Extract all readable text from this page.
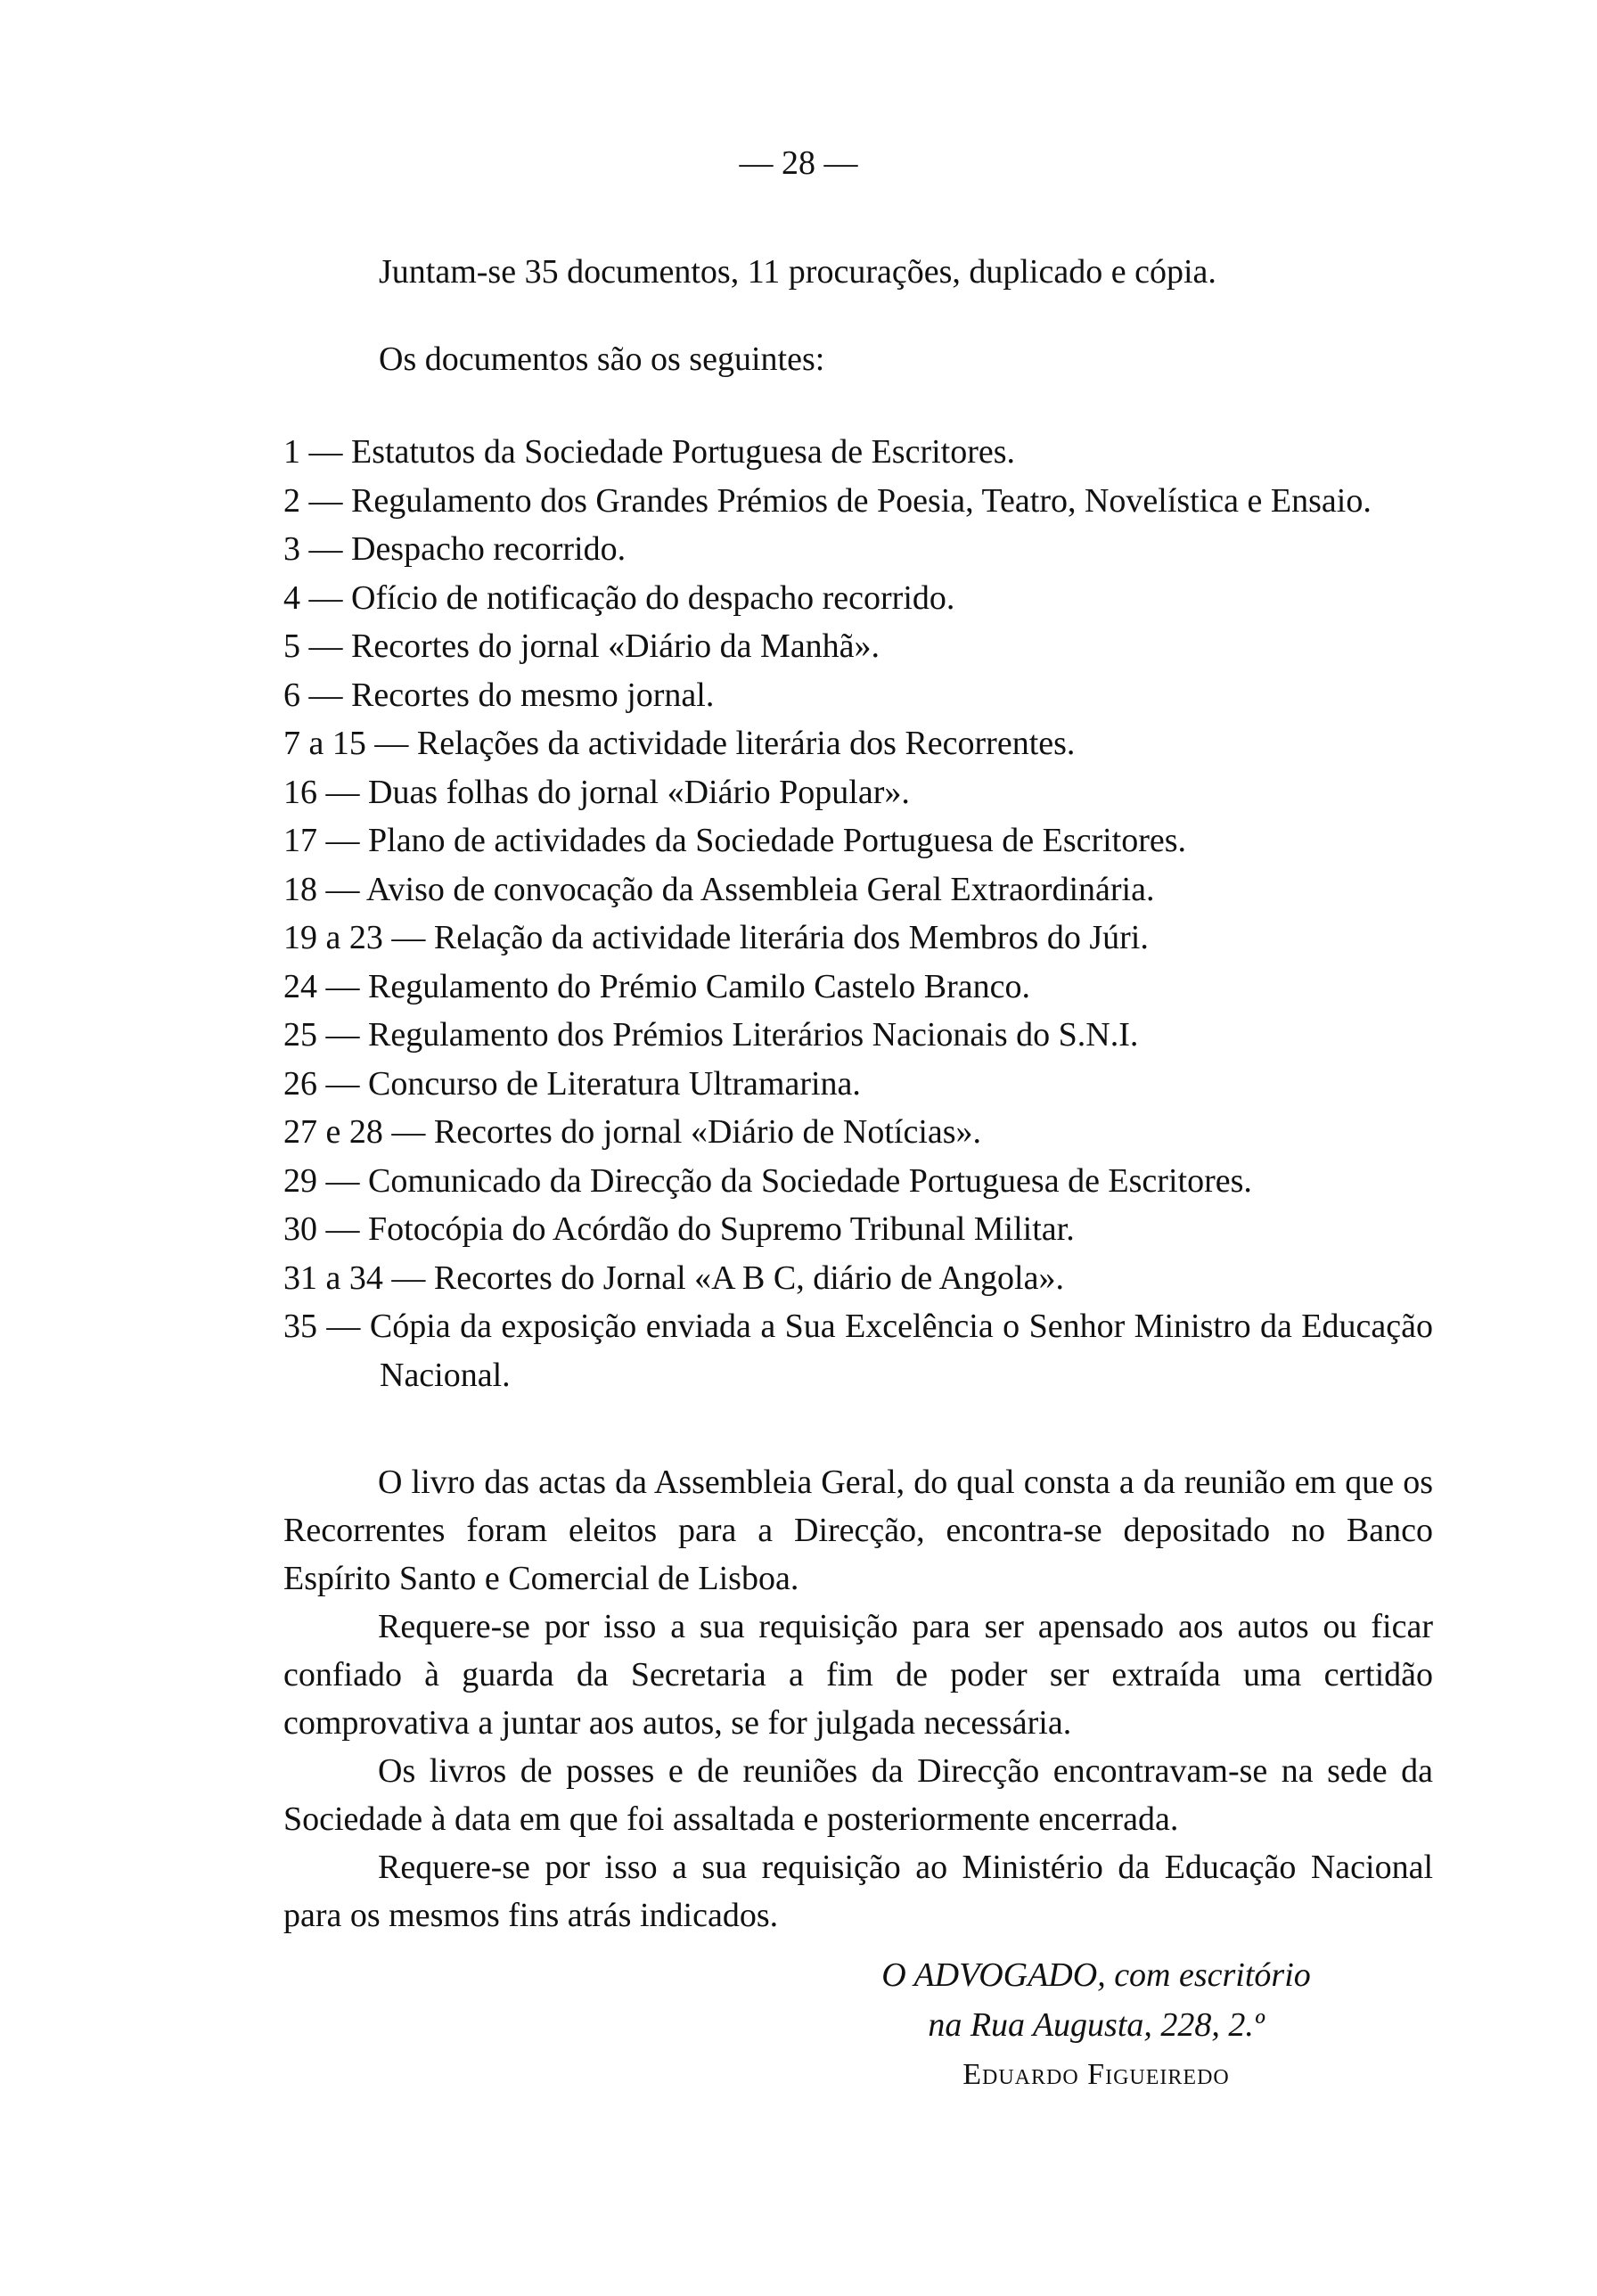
— 28 —
Juntam-se 35 documentos, 11 procurações, duplicado e cópia.
Os documentos são os seguintes:
1 — Estatutos da Sociedade Portuguesa de Escritores.
2 — Regulamento dos Grandes Prémios de Poesia, Teatro, Novelística e Ensaio.
3 — Despacho recorrido.
4 — Ofício de notificação do despacho recorrido.
5 — Recortes do jornal «Diário da Manhã».
6 — Recortes do mesmo jornal.
7 a 15 — Relações da actividade literária dos Recorrentes.
16 — Duas folhas do jornal «Diário Popular».
17 — Plano de actividades da Sociedade Portuguesa de Escritores.
18 — Aviso de convocação da Assembleia Geral Extraordinária.
19 a 23 — Relação da actividade literária dos Membros do Júri.
24 — Regulamento do Prémio Camilo Castelo Branco.
25 — Regulamento dos Prémios Literários Nacionais do S.N.I.
26 — Concurso de Literatura Ultramarina.
27 e 28 — Recortes do jornal «Diário de Notícias».
29 — Comunicado da Direcção da Sociedade Portuguesa de Escritores.
30 — Fotocópia do Acórdão do Supremo Tribunal Militar.
31 a 34 — Recortes do Jornal «A B C, diário de Angola».
35 — Cópia da exposição enviada a Sua Excelência o Senhor Ministro da Educação Nacional.

O livro das actas da Assembleia Geral, do qual consta a da reunião em que os Recorrentes foram eleitos para a Direcção, encontra-se depositado no Banco Espírito Santo e Comercial de Lisboa.

Requere-se por isso a sua requisição para ser apensado aos autos ou ficar confiado à guarda da Secretaria a fim de poder ser extraída uma certidão comprovativa a juntar aos autos, se for julgada necessária.

Os livros de posses e de reuniões da Direcção encontravam-se na sede da Sociedade à data em que foi assaltada e posteriormente encerrada.

Requere-se por isso a sua requisição ao Ministério da Educação Nacional para os mesmos fins atrás indicados.

O ADVOGADO, com escritório
na Rua Augusta, 228, 2.º
Eduardo Figueiredo
